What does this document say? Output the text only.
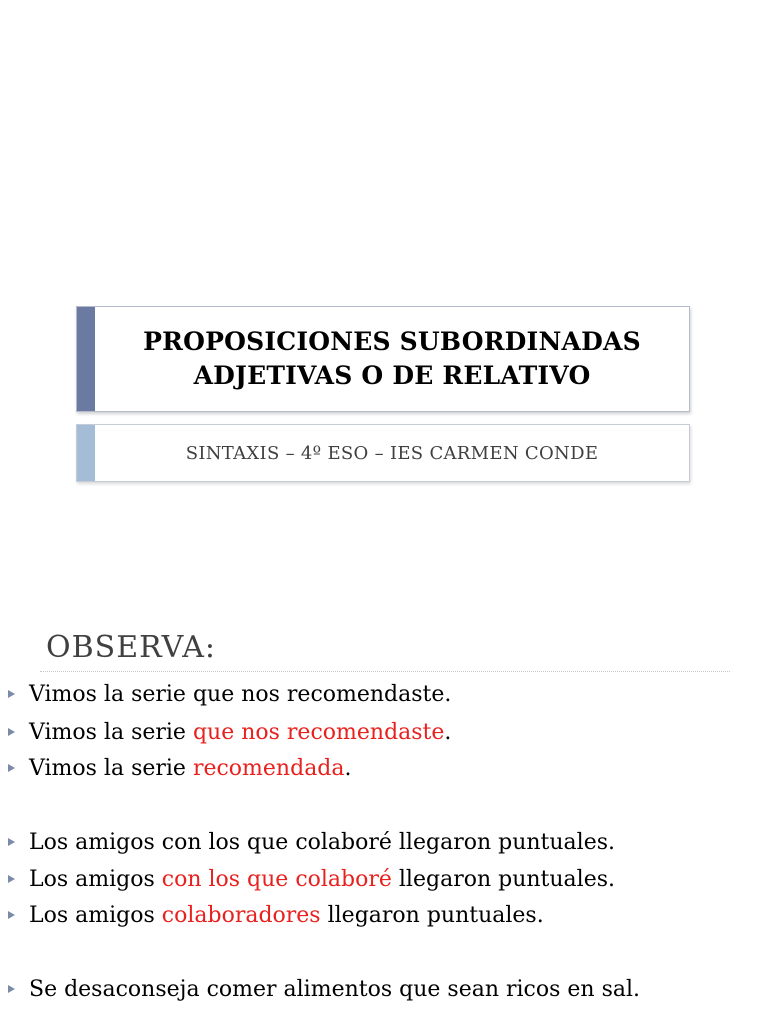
PROPOSICIONES SUBORDINADAS
ADJETIVAS O DE RELATIVO
SINTAXIS – 4º ESO – IES CARMEN CONDE
OBSERVA:
Vimos la serie que nos recomendaste.
Vimos la serie que nos recomendaste.
Vimos la serie recomendada.
Los amigos con los que colaboré llegaron puntuales.
Los amigos con los que colaboré llegaron puntuales.
Los amigos colaboradores llegaron puntuales.
Se desaconseja comer alimentos que sean ricos en sal.
